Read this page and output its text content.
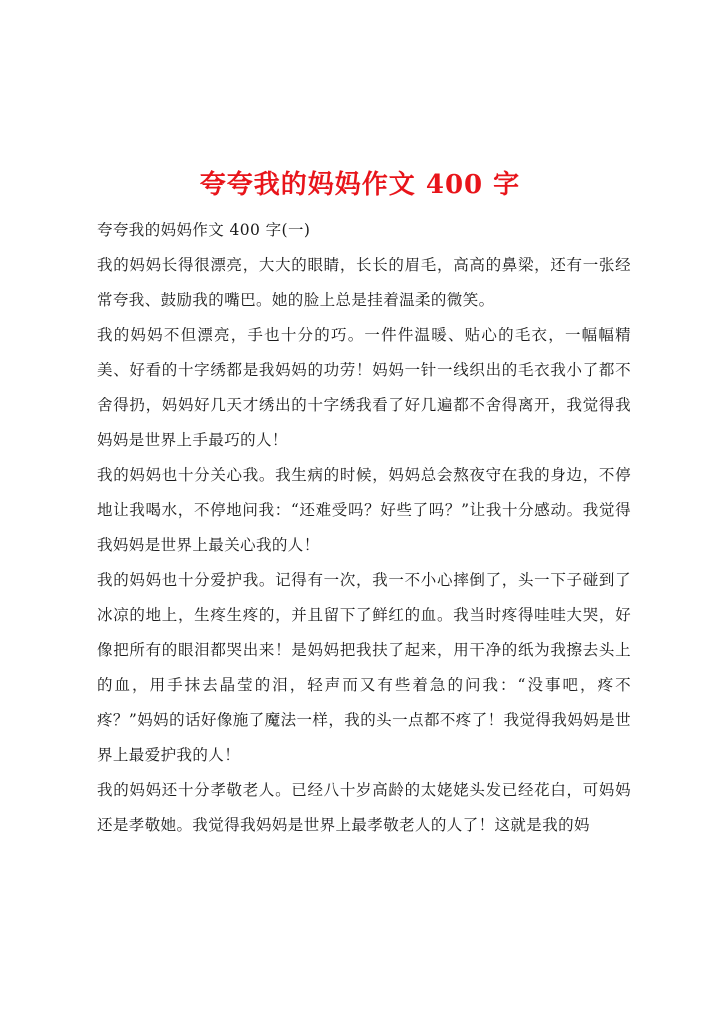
夸夸我的妈妈作文 400 字

夸夸我的妈妈作文 400 字(一)

我的妈妈长得很漂亮，大大的眼睛，长长的眉毛，高高的鼻梁，还有一张经常夸我、鼓励我的嘴巴。她的脸上总是挂着温柔的微笑。

我的妈妈不但漂亮，手也十分的巧。一件件温暖、贴心的毛衣，一幅幅精美、好看的十字绣都是我妈妈的功劳！妈妈一针一线织出的毛衣我小了都不舍得扔，妈妈好几天才绣出的十字绣我看了好几遍都不舍得离开，我觉得我妈妈是世界上手最巧的人！

我的妈妈也十分关心我。我生病的时候，妈妈总会熬夜守在我的身边，不停地让我喝水，不停地问我：“还难受吗？好些了吗？”让我十分感动。我觉得我妈妈是世界上最关心我的人！

我的妈妈也十分爱护我。记得有一次，我一不小心摔倒了，头一下子碰到了冰凉的地上，生疼生疼的，并且留下了鲜红的血。我当时疼得哇哇大哭，好像把所有的眼泪都哭出来！是妈妈把我扶了起来，用干净的纸为我擦去头上的血，用手抹去晶莹的泪，轻声而又有些着急的问我：“没事吧，疼不疼？”妈妈的话好像施了魔法一样，我的头一点都不疼了！我觉得我妈妈是世界上最爱护我的人！

我的妈妈还十分孝敬老人。已经八十岁高龄的太姥姥头发已经花白，可妈妈还是孝敬她。我觉得我妈妈是世界上最孝敬老人的人了！这就是我的妈
